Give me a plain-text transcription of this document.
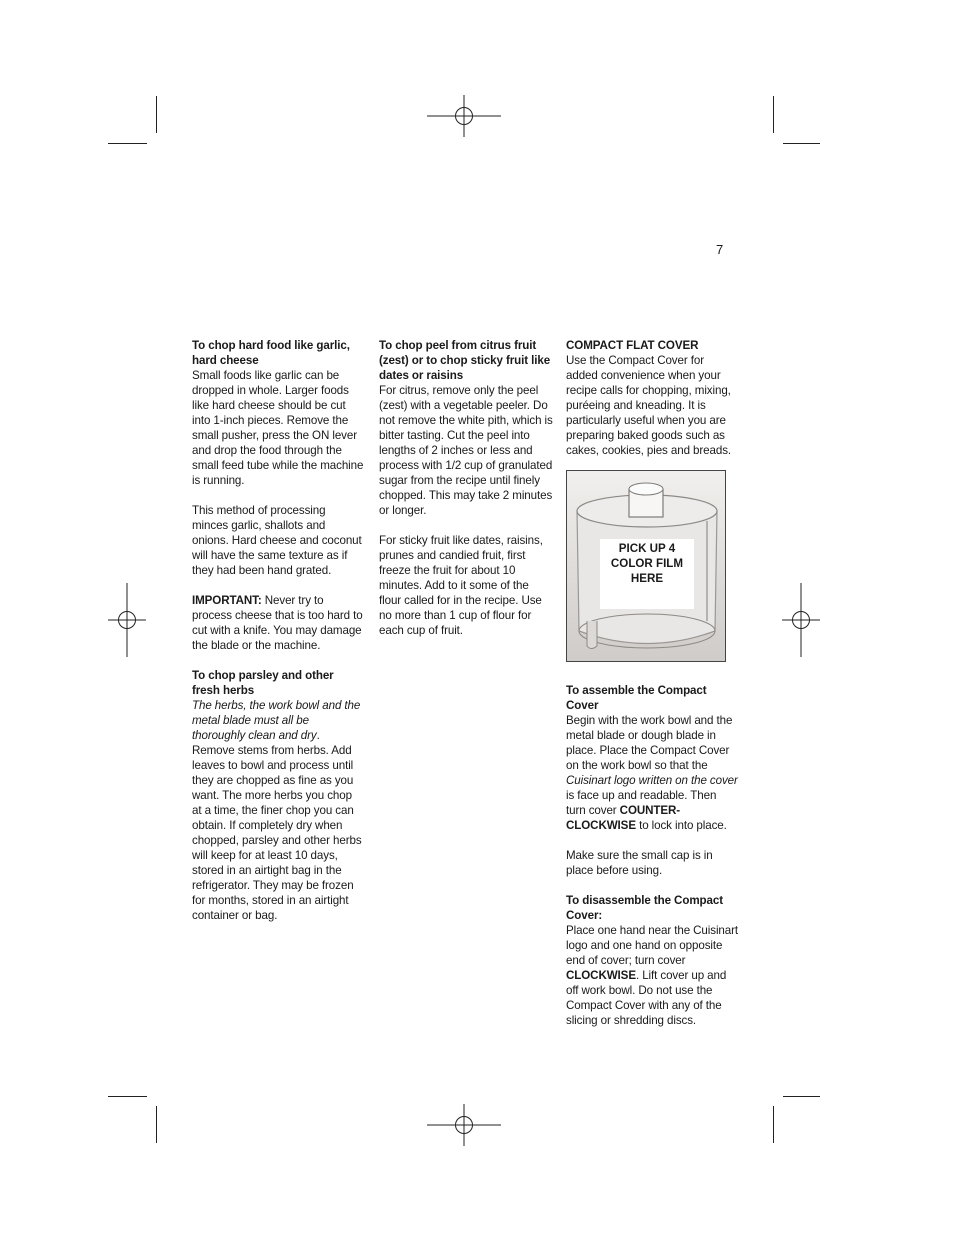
7

To chop hard food like garlic, hard cheese
Small foods like garlic can be dropped in whole. Larger foods like hard cheese should be cut into 1-inch pieces. Remove the small pusher, press the ON lever and drop the food through the small feed tube while the machine is running.

This method of processing minces garlic, shallots and onions. Hard cheese and coconut will have the same texture as if they had been hand grated.

IMPORTANT: Never try to process cheese that is too hard to cut with a knife. You may damage the blade or the machine.

To chop parsley and other fresh herbs
The herbs, the work bowl and the metal blade must all be thoroughly clean and dry. Remove stems from herbs. Add leaves to bowl and process until they are chopped as fine as you want. The more herbs you chop at a time, the finer chop you can obtain. If completely dry when chopped, parsley and other herbs will keep for at least 10 days, stored in an airtight bag in the refrigerator. They may be frozen for months, stored in an airtight container or bag.

To chop peel from citrus fruit (zest) or to chop sticky fruit like dates or raisins
For citrus, remove only the peel (zest) with a vegetable peeler. Do not remove the white pith, which is bitter tasting. Cut the peel into lengths of 2 inches or less and process with 1/2 cup of granulated sugar from the recipe until finely chopped. This may take 2 minutes or longer.

For sticky fruit like dates, raisins, prunes and candied fruit, first freeze the fruit for about 10 minutes. Add to it some of the flour called for in the recipe. Use no more than 1 cup of flour for each cup of fruit.

COMPACT FLAT COVER
Use the Compact Cover for added convenience when your recipe calls for chopping, mixing, puréeing and kneading. It is particularly useful when you are preparing baked goods such as cakes, cookies, pies and breads.

PICK UP 4 COLOR FILM HERE

To assemble the Compact Cover
Begin with the work bowl and the metal blade or dough blade in place. Place the Compact Cover on the work bowl so that the Cuisinart logo written on the cover is face up and readable. Then turn cover COUNTER-CLOCKWISE to lock into place.

Make sure the small cap is in place before using.

To disassemble the Compact Cover:
Place one hand near the Cuisinart logo and one hand on opposite end of cover; turn cover CLOCKWISE. Lift cover up and off work bowl. Do not use the Compact Cover with any of the slicing or shredding discs.
